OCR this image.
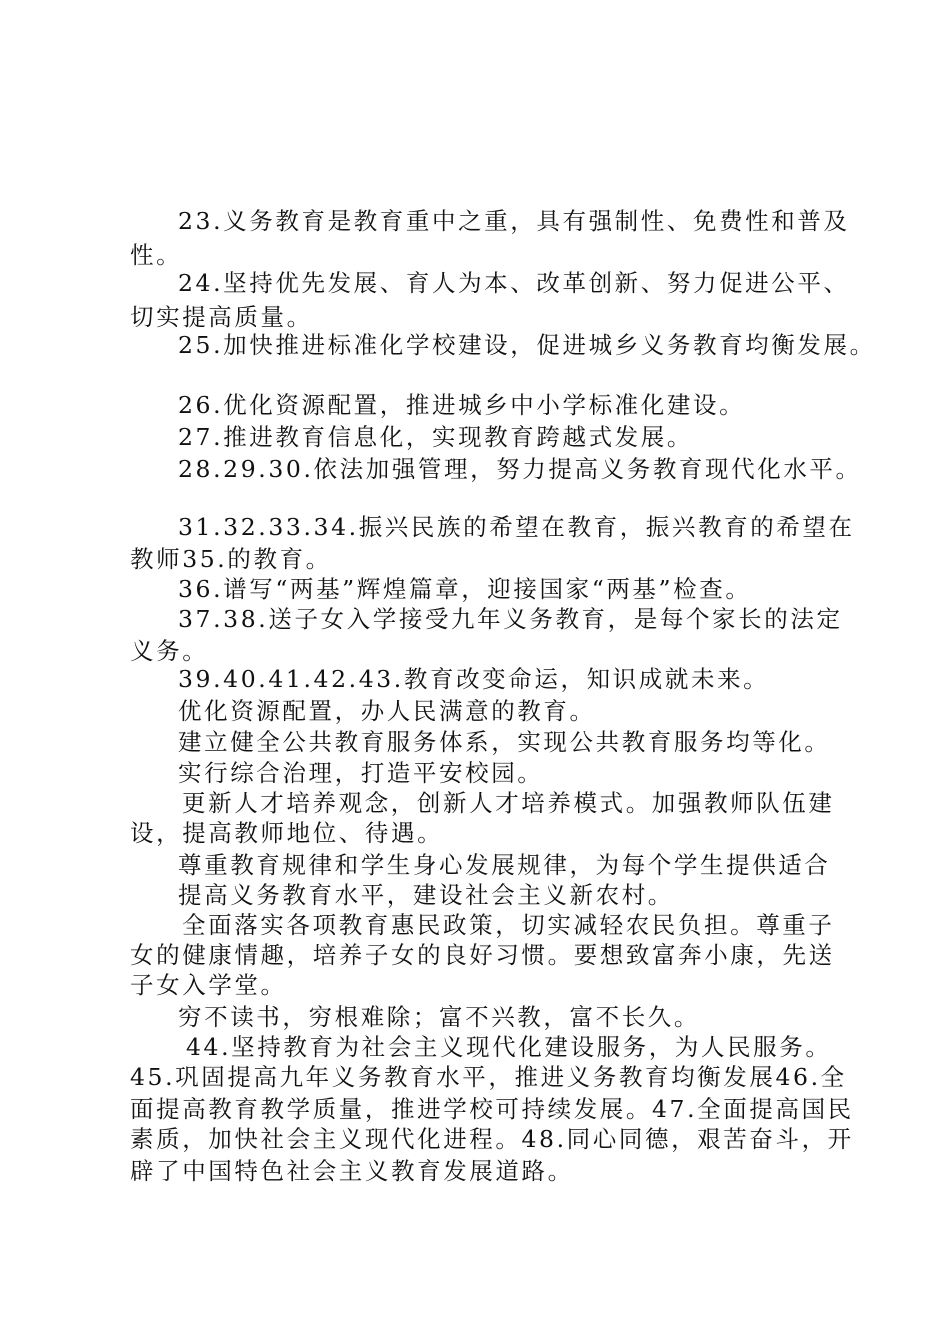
23.义务教育是教育重中之重，具有强制性、免费性和普及
性。
24.坚持优先发展、育人为本、改革创新、努力促进公平、
切实提高质量。
25.加快推进标准化学校建设，促进城乡义务教育均衡发展。
26.优化资源配置，推进城乡中小学标准化建设。
27.推进教育信息化，实现教育跨越式发展。
28.29.30.依法加强管理，努力提高义务教育现代化水平。
31.32.33.34.振兴民族的希望在教育，振兴教育的希望在
教师35.的教育。
36.谱写“两基”辉煌篇章，迎接国家“两基”检查。
37.38.送子女入学接受九年义务教育，是每个家长的法定
义务。
39.40.41.42.43.教育改变命运，知识成就未来。
优化资源配置，办人民满意的教育。
建立健全公共教育服务体系，实现公共教育服务均等化。
实行综合治理，打造平安校园。
更新人才培养观念，创新人才培养模式。加强教师队伍建
设，提高教师地位、待遇。
尊重教育规律和学生身心发展规律，为每个学生提供适合
提高义务教育水平，建设社会主义新农村。
全面落实各项教育惠民政策，切实减轻农民负担。尊重子
女的健康情趣，培养子女的良好习惯。要想致富奔小康，先送
子女入学堂。
穷不读书，穷根难除；富不兴教，富不长久。
44.坚持教育为社会主义现代化建设服务，为人民服务。
45.巩固提高九年义务教育水平，推进义务教育均衡发展46.全
面提高教育教学质量，推进学校可持续发展。47.全面提高国民
素质，加快社会主义现代化进程。48.同心同德，艰苦奋斗，开
辟了中国特色社会主义教育发展道路。
